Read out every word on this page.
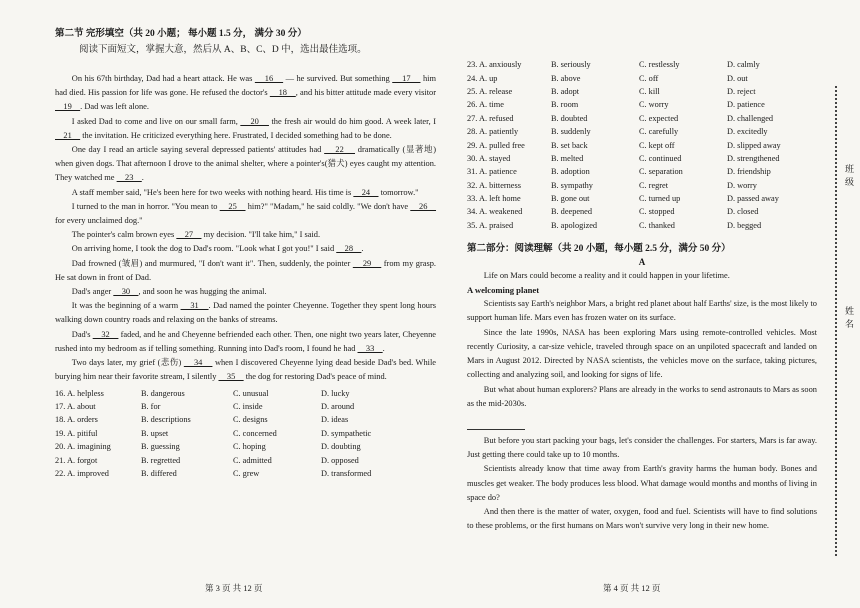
第二节 完形填空（共 20 小题； 每小题 1.5 分， 满分 30 分）
阅读下面短文，掌握大意，然后从 A、B、C、D 中，选出最佳选项。

On his 67th birthday, Dad had a heart attack. He was     16     — he survived. But something     17     him had died. His passion for life was gone. He refused the doctor's     18    , and his bitter attitude made every visitor     19    . Dad was left alone.

I asked Dad to come and live on our small farm,     20     the fresh air would do him good. A week later, I     21     the invitation. He criticized everything here. Frustrated, I decided something had to be done.

One day I read an article saying several depressed patients' attitudes had     22     dramatically (显著地) when given dogs. That afternoon I drove to the animal shelter, where a pointer's(猎犬) eyes caught my attention. They watched me     23    .

A staff member said, "He's been here for two weeks with nothing heard. His time is     24     tomorrow."

I turned to the man in horror. "You mean to     25     him?" "Madam," he said coldly. "We don't have     26     for every unclaimed dog."

The pointer's calm brown eyes     27     my decision. "I'll take him," I said.

On arriving home, I took the dog to Dad's room. "Look what I got you!" I said     28    .

Dad frowned (皱眉) and murmured, "I don't want it". Then, suddenly, the pointer     29     from my grasp. He sat down in front of Dad.

Dad's anger     30    , and soon he was hugging the animal.

It was the beginning of a warm     31    . Dad named the pointer Cheyenne. Together they spent long hours walking down country roads and relaxing on the banks of streams.

Dad's     32     faded, and he and Cheyenne befriended each other. Then, one night two years later, Cheyenne rushed into my bedroom as if telling something. Running into Dad's room, I found he had     33    .

Two days later, my grief (悲伤)     34     when I discovered Cheyenne lying dead beside Dad's bed. While burying him near their favorite stream, I silently     35     the dog for restoring Dad's peace of mind.

16. A. helpless	B. dangerous	C. unusual	D. lucky
17. A. about	B. for	C. inside	D. around
18. A. orders	B. descriptions	C. designs	D. ideas
19. A. pitiful	B. upset	C. concerned	D. sympathetic
20. A. imagining	B. guessing	C. hoping	D. doubting
21. A. forgot	B. regretted	C. admitted	D. opposed
22. A. improved	B. differed	C. grew	D. transformed
第 3 页 共 12 页
23. A. anxiously	B. seriously	C. restlessly	D. calmly
24. A. up	B. above	C. off	D. out
25. A. release	B. adopt	C. kill	D. reject
26. A. time	B. room	C. worry	D. patience
27. A. refused	B. doubted	C. expected	D. challenged
28. A. patiently	B. suddenly	C. carefully	D. excitedly
29. A. pulled free	B. set back	C. kept off	D. slipped away
30. A. stayed	B. melted	C. continued	D. strengthened
31. A. patience	B. adoption	C. separation	D. friendship
32. A. bitterness	B. sympathy	C. regret	D. worry
33. A. left home	B. gone out	C. turned up	D. passed away
34. A. weakened	B. deepened	C. stopped	D. closed
35. A. praised	B. apologized	C. thanked	D. begged
第二部分：阅读理解（共 20 小题，每小题 2.5 分，满分 50 分）
A

Life on Mars could become a reality and it could happen in your lifetime.

A welcoming planet

Scientists say Earth's neighbor Mars, a bright red planet about half Earths' size, is the most likely to support human life. Mars even has frozen water on its surface.

Since the late 1990s, NASA has been exploring Mars using remote-controlled vehicles. Most recently Curiosity, a car-size vehicle, traveled through space on an unpiloted spacecraft and landed on Mars in August 2012. Directed by NASA scientists, the vehicles move on the surface, taking pictures, collecting and analyzing soil, and looking for signs of life.

But what about human explorers? Plans are already in the works to send astronauts to Mars as soon as the mid-2030s.

But before you start packing your bags, let's consider the challenges. For starters, Mars is far away. Just getting there could take up to 10 months.

Scientists already know that time away from Earth's gravity harms the human body. Bones and muscles get weaker. The body produces less blood. What damage would months and months of living in space do?

And then there is the matter of water, oxygen, food and fuel. Scientists will have to find solutions to these problems, or the first humans on Mars won't survive very long in their new home.

第 4 页 共 12 页
班级
姓名
